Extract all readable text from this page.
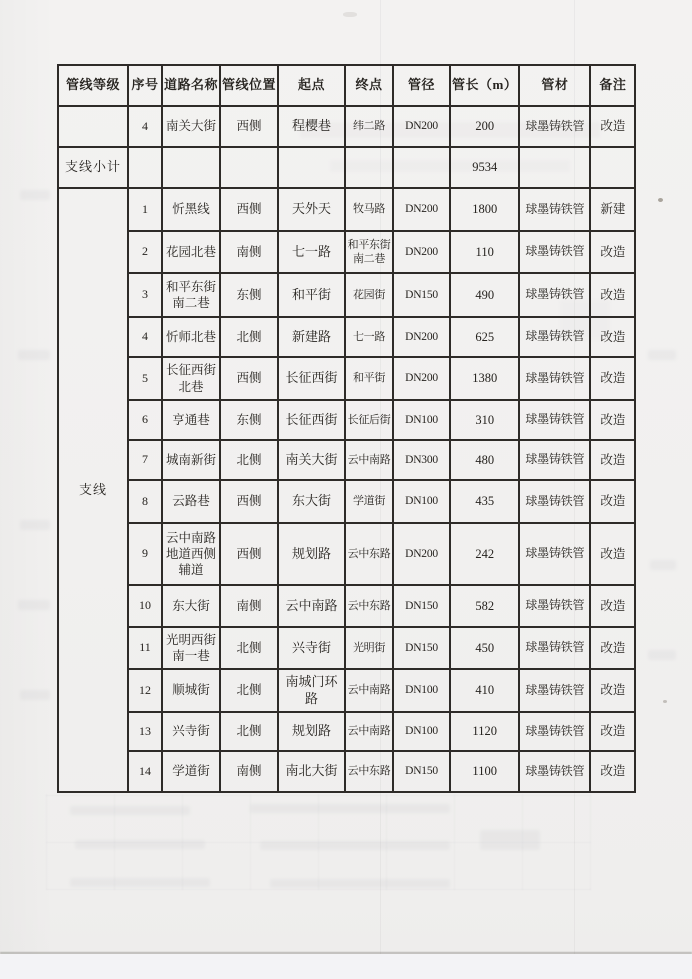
管线等级	序号	道路名称	管线位置	起点	终点	管径	管长（m）	管材	备注
	4	南关大街	西侧	程樱巷	纬二路	DN200	200	球墨铸铁管	改造
支线小计							9534		
支线	1	忻黑线	西侧	天外天	牧马路	DN200	1800	球墨铸铁管	新建
	2	花园北巷	南侧	七一路	和平东街南二巷	DN200	110	球墨铸铁管	改造
	3	和平东街南二巷	东侧	和平街	花园街	DN150	490	球墨铸铁管	改造
	4	忻师北巷	北侧	新建路	七一路	DN200	625	球墨铸铁管	改造
	5	长征西街北巷	西侧	长征西街	和平街	DN200	1380	球墨铸铁管	改造
	6	亨通巷	东侧	长征西街	长征后街	DN100	310	球墨铸铁管	改造
	7	城南新街	北侧	南关大街	云中南路	DN300	480	球墨铸铁管	改造
	8	云路巷	西侧	东大街	学道街	DN100	435	球墨铸铁管	改造
	9	云中南路地道西侧辅道	西侧	规划路	云中东路	DN200	242	球墨铸铁管	改造
	10	东大街	南侧	云中南路	云中东路	DN150	582	球墨铸铁管	改造
	11	光明西街南一巷	北侧	兴寺街	光明街	DN150	450	球墨铸铁管	改造
	12	顺城街	北侧	南城门环路	云中南路	DN100	410	球墨铸铁管	改造
	13	兴寺街	北侧	规划路	云中南路	DN100	1120	球墨铸铁管	改造
	14	学道街	南侧	南北大街	云中东路	DN150	1100	球墨铸铁管	改造
